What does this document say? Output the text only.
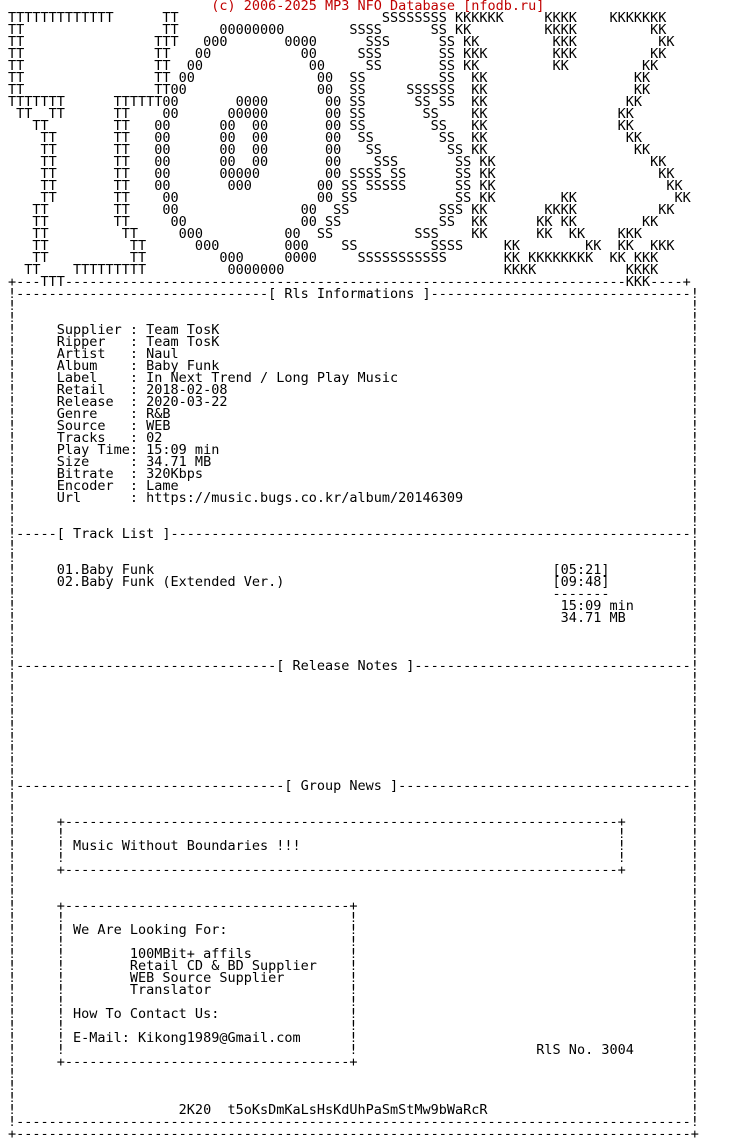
(c) 2006-2025 MP3 NFO Database [nfodb.ru]
TTTTTTTTTTTTT      TT                         SSSSSSSS KKKKKK     KKKK    KKKKKKK
TT                 TT     00000000        SSSS      SS KK         KKKK         KK
TT                TTT   000       0000      SSS      SS KK         KKK          KK
TT                TT   00           00     SSS       SS KKK        KKK         KK
TT                TT  00             00     SS       SS KK         KK         KK
TT                TT 00               00  SS         SS  KK                  KK
TT                TT00                00  SS     SSSSSS  KK                  KK
TTTTTTT      TTTTTT00       0000       00 SS      SS SS  KK                 KK
TT  TT      TT    00      00000       00 SS       SS    KK                KK
TT        TT   00      00  00       00 SS        SS   KK                KK
TT       TT   00      00  00       00  SS        SS  KK                 KK
TT       TT   00      00  00       00   SS        SS KK                  KK
TT       TT   00      00  00       00    SSS       SS KK                   KK
TT       TT   00      00000        00 SSSS SS      SS KK                    KK
TT       TT   00       000        00 SS SSSSS      SS KK                     KK
TT       TT    00                 00 SS            SS KK        KK            KK
TT        TT    00               00  SS           SSS KK       KKKK          KK
TT        TT     00              00 SS            SS  KK      KK KK        KK
TT         TT     000          00  SS          SSS    KK      KK  KK    KKK
TT          TT      000        000    SS         SSSS     KK        KK  KK  KKK
TT          TT         000     0000     SSSSSSSSSSS       KK KKKKKKKK  KK KKK
TT    TTTTTTTTT          0000000                           KKKK           KKKK
+---TTT---------------------------------------------------------------------KKK----+
!-------------------------------[ Rls Informations ]--------------------------------!
!                                                                                   !
!                                                                                   !
!     Supplier : Team TosK                                                          !
!     Ripper   : Team TosK                                                          !
!     Artist   : Naul                                                               !
!     Album    : Baby Funk                                                          !
!     Label    : In Next Trend / Long Play Music                                    !
!     Retail   : 2018-02-08                                                         !
!     Release  : 2020-03-22                                                         !
!     Genre    : R&B                                                                !
!     Source   : WEB                                                                !
!     Tracks   : 02                                                                 !
!     Play Time: 15:09 min                                                          !
!     Size     : 34.71 MB                                                           !
!     Bitrate  : 320Kbps                                                            !
!     Encoder  : Lame                                                               !
!     Url      : https://music.bugs.co.kr/album/20146309                            !
!                                                                                   !
!                                                                                   !
!-----[ Track List ]----------------------------------------------------------------!
!                                                                                   !
!                                                                                   !
!     01.Baby Funk                                                 [05:21]          !
!     02.Baby Funk (Extended Ver.)                                 [09:48]          !
!                                                                  -------          !
!                                                                   15:09 min       !
!                                                                   34.71 MB        !
!                                                                                   !
!                                                                                   !
!                                                                                   !
!--------------------------------[ Release Notes ]----------------------------------!
!                                                                                   !
!                                                                                   !
!                                                                                   !
!                                                                                   !
!                                                                                   !
!                                                                                   !
!                                                                                   !
!                                                                                   !
!                                                                                   !
!---------------------------------[ Group News ]------------------------------------!
!                                                                                   !
!                                                                                   !
!     +--------------------------------------------------------------------+        !
!     !                                                                    !        !
!     ! Music Without Boundaries !!!                                       !        !
!     !                                                                    !        !
!     +--------------------------------------------------------------------+        !
!                                                                                   !
!                                                                                   !
!     +-----------------------------------+                                         !
!     !                                   !                                         !
!     ! We Are Looking For:               !                                         !
!     !                                   !                                         !
!     !        100MBit+ affils            !                                         !
!     !        Retail CD & BD Supplier    !                                         !
!     !        WEB Source Supplier        !                                         !
!     !        Translator                 !                                         !
!     !                                   !                                         !
!     ! How To Contact Us:                !                                         !
!     !                                   !                                         !
!     ! E-Mail: Kikong1989@Gmail.com      !                                         !
!     !                                   !                      RlS No. 3004       !
!     +-----------------------------------+                                         !
!                                                                                   !
!                                                                                   !
!                                                                                   !
!                    2K20  t5oKsDmKaLsHsKdUhPaSmStMw9bWaRcR                         !
!-----------------------------------------------------------------------------------!
+-----------------------------------------------------------------------------------+
